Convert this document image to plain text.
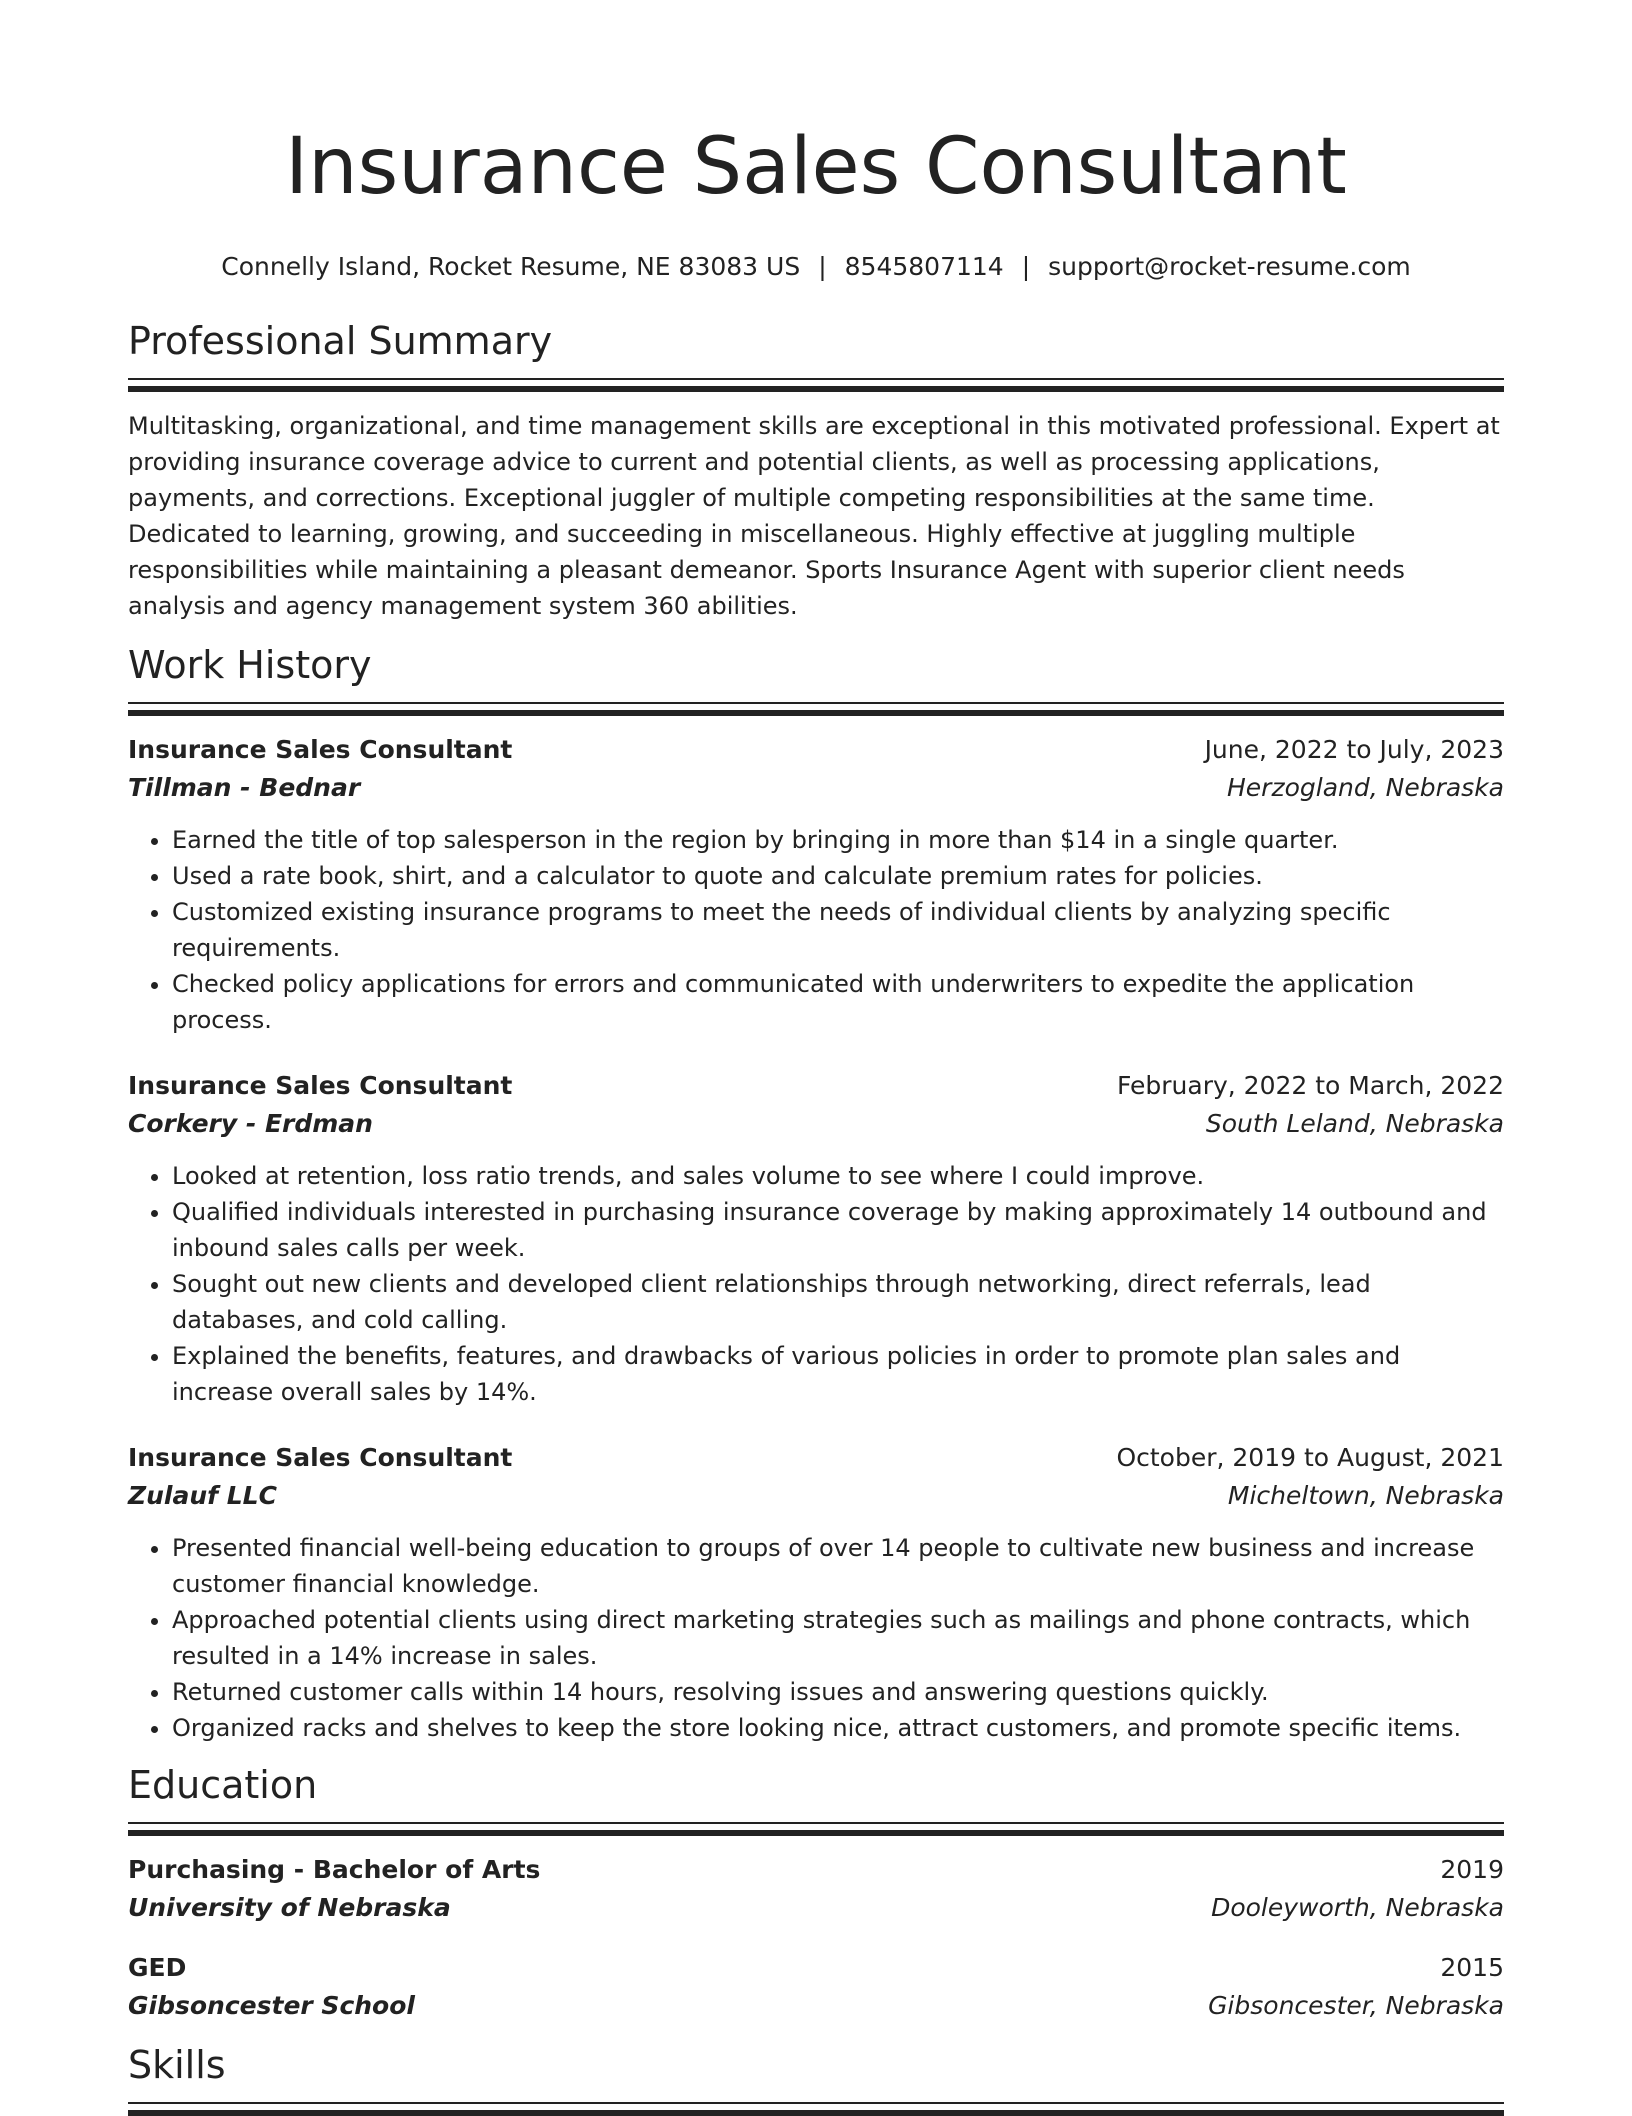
Insurance Sales Consultant
Connelly Island, Rocket Resume, NE 83083 US | 8545807114 | support@rocket-resume.com
Professional Summary

Multitasking, organizational, and time management skills are exceptional in this motivated professional. Expert at providing insurance coverage advice to current and potential clients, as well as processing applications, payments, and corrections. Exceptional juggler of multiple competing responsibilities at the same time. Dedicated to learning, growing, and succeeding in miscellaneous. Highly effective at juggling multiple responsibilities while maintaining a pleasant demeanor. Sports Insurance Agent with superior client needs analysis and agency management system 360 abilities.

Work History
Insurance Sales Consultant	June, 2022 to July, 2023
Tillman - Bednar	Herzogland, Nebraska
• Earned the title of top salesperson in the region by bringing in more than $14 in a single quarter.
• Used a rate book, shirt, and a calculator to quote and calculate premium rates for policies.
• Customized existing insurance programs to meet the needs of individual clients by analyzing specific requirements.
• Checked policy applications for errors and communicated with underwriters to expedite the application process.
Insurance Sales Consultant	February, 2022 to March, 2022
Corkery - Erdman	South Leland, Nebraska
• Looked at retention, loss ratio trends, and sales volume to see where I could improve.
• Qualified individuals interested in purchasing insurance coverage by making approximately 14 outbound and inbound sales calls per week.
• Sought out new clients and developed client relationships through networking, direct referrals, lead databases, and cold calling.
• Explained the benefits, features, and drawbacks of various policies in order to promote plan sales and increase overall sales by 14%.
Insurance Sales Consultant	October, 2019 to August, 2021
Zulauf LLC	Micheltown, Nebraska
• Presented financial well-being education to groups of over 14 people to cultivate new business and increase customer financial knowledge.
• Approached potential clients using direct marketing strategies such as mailings and phone contracts, which resulted in a 14% increase in sales.
• Returned customer calls within 14 hours, resolving issues and answering questions quickly.
• Organized racks and shelves to keep the store looking nice, attract customers, and promote specific items.
Education
Purchasing - Bachelor of Arts	2019
University of Nebraska	Dooleyworth, Nebraska
GED	2015
Gibsoncester School	Gibsoncester, Nebraska
Skills
